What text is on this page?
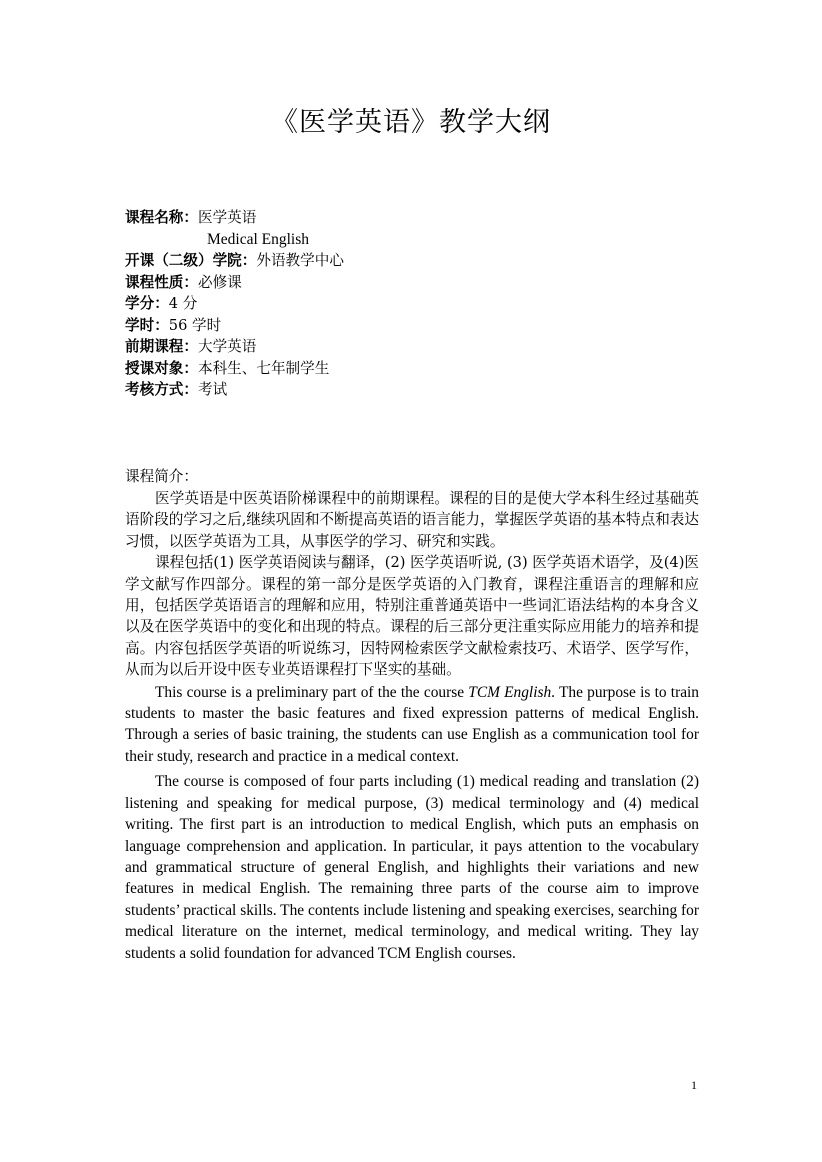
《医学英语》教学大纲
课程名称：医学英语
Medical English
开课（二级）学院：外语教学中心
课程性质：必修课
学分：4 分
学时：56 学时
前期课程：大学英语
授课对象：本科生、七年制学生
考核方式：考试

课程简介：

医学英语是中医英语阶梯课程中的前期课程。课程的目的是使大学本科生经过基础英语阶段的学习之后,继续巩固和不断提高英语的语言能力，掌握医学英语的基本特点和表达习惯，以医学英语为工具，从事医学的学习、研究和实践。

课程包括(1) 医学英语阅读与翻译，(2) 医学英语听说, (3) 医学英语术语学，及(4)医学文献写作四部分。课程的第一部分是医学英语的入门教育，课程注重语言的理解和应用，包括医学英语语言的理解和应用，特别注重普通英语中一些词汇语法结构的本身含义以及在医学英语中的变化和出现的特点。课程的后三部分更注重实际应用能力的培养和提高。内容包括医学英语的听说练习，因特网检索医学文献检索技巧、术语学、医学写作，从而为以后开设中医专业英语课程打下坚实的基础。

This course is a preliminary part of the the course TCM English. The purpose is to train students to master the basic features and fixed expression patterns of medical English. Through a series of basic training, the students can use English as a communication tool for their study, research and practice in a medical context.

The course is composed of four parts including (1) medical reading and translation (2) listening and speaking for medical purpose, (3) medical terminology and (4) medical writing. The first part is an introduction to medical English, which puts an emphasis on language comprehension and application. In particular, it pays attention to the vocabulary and grammatical structure of general English, and highlights their variations and new features in medical English. The remaining three parts of the course aim to improve students’ practical skills. The contents include listening and speaking exercises, searching for medical literature on the internet, medical terminology, and medical writing. They lay students a solid foundation for advanced TCM English courses.

1
